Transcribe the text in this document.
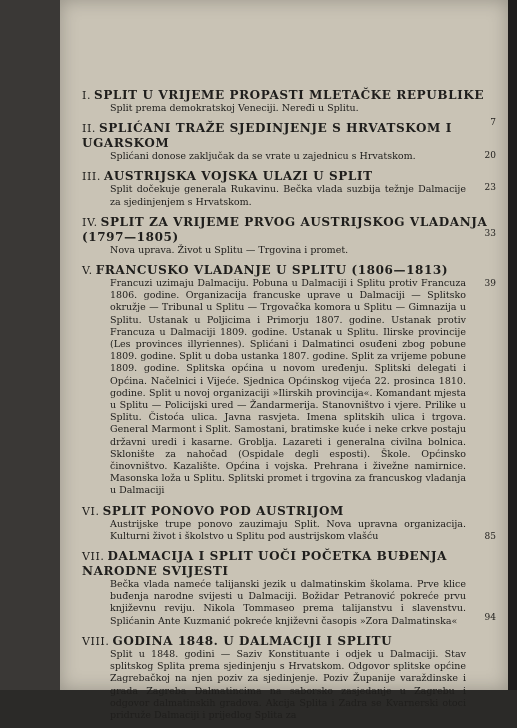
I. SPLIT U VRIJEME PROPASTI MLETAČKE REPUBLIKE
Split prema demokratskoj Veneciji. Neređi u Splitu.
7
II. SPLIĆANI TRAŽE SJEDINJENJE S HRVATSKOM I UGARSKOM
Splićani donose zaključak da se vrate u zajednicu s Hrvatskom.	20
III. AUSTRIJSKA VOJSKA ULAZI U SPLIT
Split dočekuje generala Rukavinu. Bečka vlada suzbija težnje Dalmacije za sjedinjenjem s Hrvatskom.
23
IV. SPLIT ZA VRIJEME PRVOG AUSTRIJSKOG VLADANJA (1797—1805)
Nova uprava. Život u Splitu — Trgovina i promet.
33
V. FRANCUSKO VLADANJE U SPLITU (1806—1813)
Francuzi uzimaju Dalmaciju. Pobuna u Dalmaciji i Splitu protiv Francuza 1806. godine. Organizacija francuske uprave u Dalmaciji — Splitsko okružje — Tribunal u Splitu — Trgovačka komora u Splitu — Gimnazija u Splitu. Ustanak u Poljicima i Primorju 1807. godine. Ustanak protiv Francuza u Dalmaciji 1809. godine. Ustanak u Splitu. Ilirske provincije (Les provinces illyriennes). Splićani i Dalmatinci osuđeni zbog pobune 1809. godine. Split u doba ustanka 1807. godine. Split za vrijeme pobune 1809. godine. Splitska općina u novom uređenju. Splitski delegati i Općina. Načelnici i Vijeće. Sjednica Općinskog vijeća 22. prosinca 1810. godine. Split u novoj organizaciji »Ilirskih provincija«. Komandant mjesta u Splitu — Policijski ured — Žandarmerija. Stanovništvo i vjere. Prilike u Splitu. Čistoća ulica. Javna rasvjeta. Imena splitskih ulica i trgova. General Marmont i Split. Samostani, bratimske kuće i neke crkve postaju državni uredi i kasarne. Groblja. Lazareti i generalna civilna bolnica. Sklonište za nahočad (Ospidale degli esposti). Škole. Općinsko činovništvo. Kazalište. Općina i vojska. Prehrana i živežne namirnice. Masonska loža u Splitu. Splitski promet i trgovina za francuskog vladanja u Dalmaciji
39
VI. SPLIT PONOVO POD AUSTRIJOM
Austrijske trupe ponovo zauzimaju Split. Nova upravna organizacija. Kulturni život i školstvo u Splitu pod austrijskom vlašću	85
VII. DALMACIJA I SPLIT UOČI POČETKA BUĐENJA NARODNE SVIJESTI
Bečka vlada nameće talijanski jezik u dalmatinskim školama. Prve klice buđenja narodne svijesti u Dalmaciji. Božidar Petranović pokreće prvu književnu reviju. Nikola Tommaseo prema talijanstvu i slavenstvu. Splićanin Ante Kuzmanić pokreće književni časopis »Zora Dalmatinska«	94
VIII. GODINA 1848. U DALMACIJI I SPLITU
Split u 1848. godini — Saziv Konstituante i odjek u Dalmaciji. Stav splitskog Splita prema sjedinjenju s Hrvatskom. Odgovor splitske općine Zagrebačkoj na njen poziv za sjedinjenje. Poziv Županije varaždinske i grada Zagreba Dalmatincima na saborsko zasjedanje u Zagrebu i odgovor dalmatinskih gradova. Akcija Splita i Zadra se Kvarnerski otoci pridruže Dalmaciji i prijedlog Splita za
